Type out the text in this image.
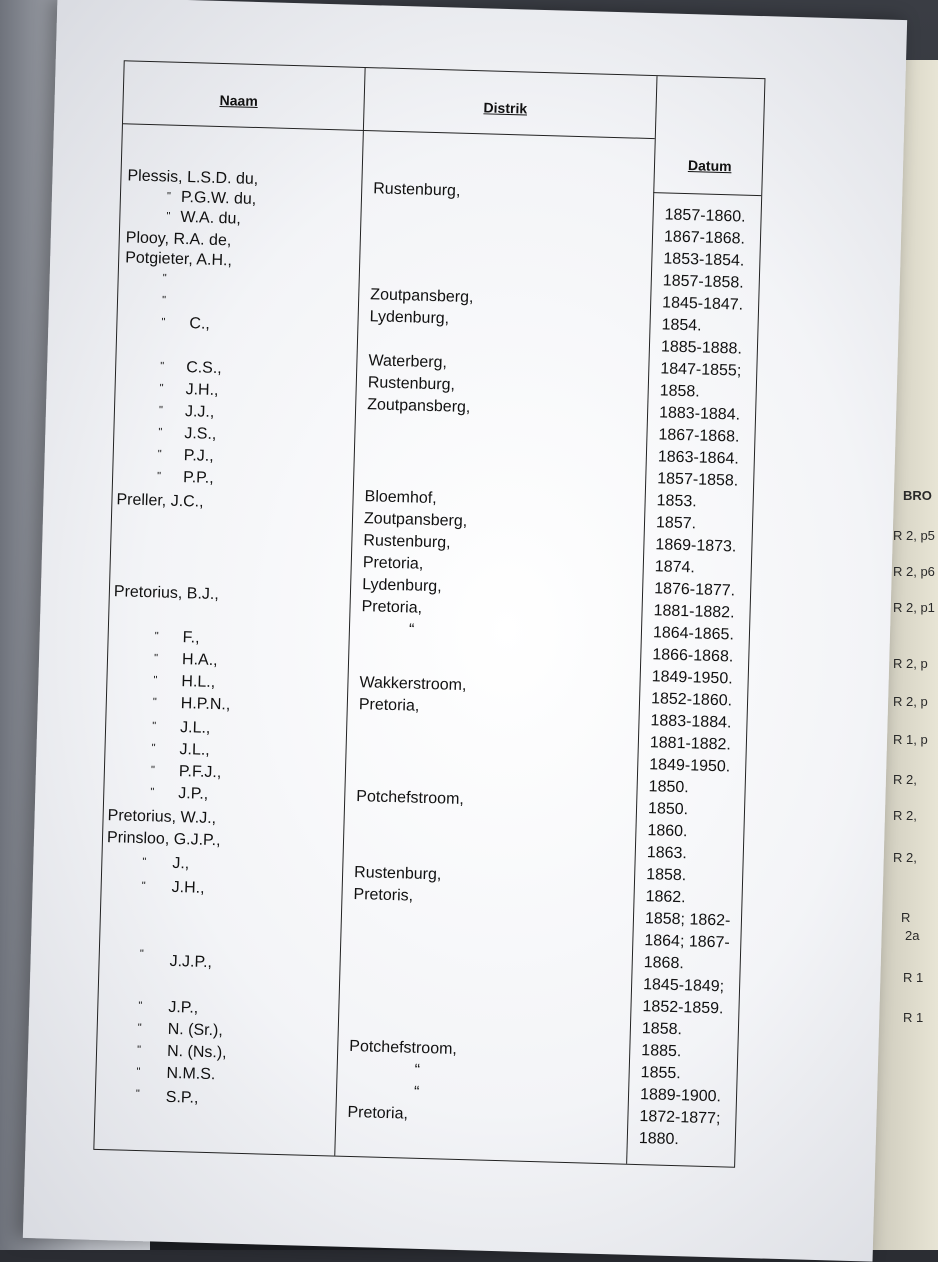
BRO
R 2, p5
R 2, p6
R 2, p1
R 2, p
R 2, p
R 1, p
R 2,
R 2,
R 2,
R
2a
R 1
R 1
Naam	Distrik
Datum
Plessis, L.S.D. du,
P.G.W. du,
W.A. du,
Plooy, R.A. de,
Potgieter, A.H.,
C.,
C.S.,
J.H.,
J.J.,
J.S.,
P.J.,
P.P.,
Preller, J.C.,
Pretorius, B.J.,
F.,
H.A.,
H.L.,
H.P.N.,
J.L.,
J.L.,
P.F.J.,
J.P.,
Pretorius, W.J.,
Prinsloo, G.J.P.,
J.,
J.H.,
J.J.P.,
J.P.,
N. (Sr.),
N. (Ns.),
N.M.S.
S.P.,
"
"
"
"
"
"
"
"
"
"
"
"
"
"
"
"
"
"
"
"
"
"
"
"
"
"
"
Rustenburg,
Zoutpansberg,
Lydenburg,
Waterberg,
Rustenburg,
Zoutpansberg,
Bloemhof,
Zoutpansberg,
Rustenburg,
Pretoria,
Lydenburg,
Pretoria,
“
Wakkerstroom,
Pretoria,
Potchefstroom,
Rustenburg,
Pretoris,
Potchefstroom,
“
“
Pretoria,
1857-1860.
1867-1868.
1853-1854.
1857-1858.
1845-1847.
1854.
1885-1888.
1847-1855;
1858.
1883-1884.
1867-1868.
1863-1864.
1857-1858.
1853.
1857.
1869-1873.
1874.
1876-1877.
1881-1882.
1864-1865.
1866-1868.
1849-1950.
1852-1860.
1883-1884.
1881-1882.
1849-1950.
1850.
1850.
1860.
1863.
1858.
1862.
1858; 1862-
1864; 1867-
1868.
1845-1849;
1852-1859.
1858.
1885.
1855.
1889-1900.
1872-1877;
1880.
